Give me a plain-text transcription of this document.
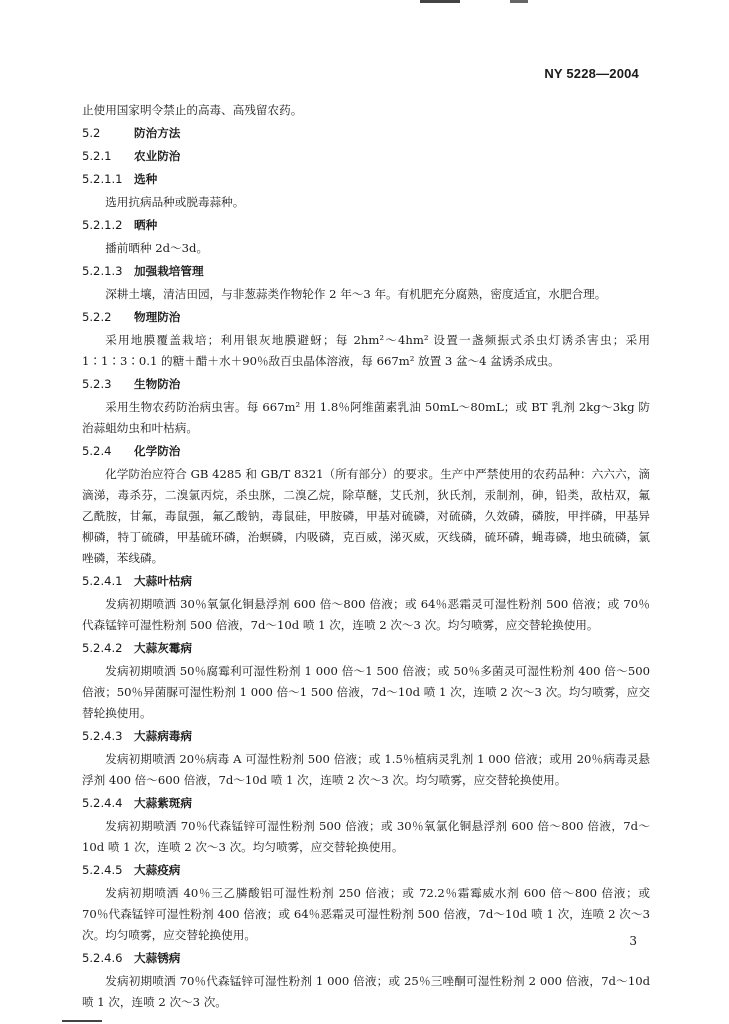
NY 5228—2004
止使用国家明令禁止的高毒、高残留农药。
5.2	防治方法
5.2.1 农业防治
5.2.1.1 选种
选用抗病品种或脱毒蒜种。
5.2.1.2 晒种
播前晒种 2d～3d。
5.2.1.3 加强栽培管理
深耕土壤，清洁田园，与非葱蒜类作物轮作 2 年～3 年。有机肥充分腐熟，密度适宜，水肥合理。
5.2.2 物理防治
采用地膜覆盖栽培；利用银灰地膜避蚜；每 2hm²～4hm² 设置一盏频振式杀虫灯诱杀害虫；采用 1∶1∶3∶0.1 的糖＋醋＋水＋90％敌百虫晶体溶液，每 667m² 放置 3 盆～4 盆诱杀成虫。
5.2.3 生物防治
采用生物农药防治病虫害。每 667m² 用 1.8％阿维菌素乳油 50mL～80mL；或 BT 乳剂 2kg～3kg 防治蒜蛆幼虫和叶枯病。
5.2.4 化学防治
化学防治应符合 GB 4285 和 GB/T 8321（所有部分）的要求。生产中严禁使用的农药品种：六六六，滴滴涕，毒杀芬，二溴氯丙烷，杀虫脒，二溴乙烷，除草醚，艾氏剂，狄氏剂，汞制剂，砷，铅类，敌枯双，氟乙酰胺，甘氟，毒鼠强，氟乙酸钠，毒鼠硅，甲胺磷，甲基对硫磷，对硫磷，久效磷，磷胺，甲拌磷，甲基异柳磷，特丁硫磷，甲基硫环磷，治螟磷，内吸磷，克百威，涕灭威，灭线磷，硫环磷，蝇毒磷，地虫硫磷，氯唑磷，苯线磷。
5.2.4.1 大蒜叶枯病
发病初期喷洒 30％氧氯化铜悬浮剂 600 倍～800 倍液；或 64％恶霜灵可湿性粉剂 500 倍液；或 70％代森锰锌可湿性粉剂 500 倍液，7d～10d 喷 1 次，连喷 2 次～3 次。均匀喷雾，应交替轮换使用。
5.2.4.2 大蒜灰霉病
发病初期喷洒 50％腐霉利可湿性粉剂 1 000 倍～1 500 倍液；或 50％多菌灵可湿性粉剂 400 倍～500 倍液；50％异菌脲可湿性粉剂 1 000 倍～1 500 倍液，7d～10d 喷 1 次，连喷 2 次～3 次。均匀喷雾，应交替轮换使用。
5.2.4.3 大蒜病毒病
发病初期喷洒 20％病毒 A 可湿性粉剂 500 倍液；或 1.5％植病灵乳剂 1 000 倍液；或用 20％病毒灵悬浮剂 400 倍～600 倍液，7d～10d 喷 1 次，连喷 2 次～3 次。均匀喷雾，应交替轮换使用。
5.2.4.4 大蒜紫斑病
发病初期喷洒 70％代森锰锌可湿性粉剂 500 倍液；或 30％氧氯化铜悬浮剂 600 倍～800 倍液，7d～10d 喷 1 次，连喷 2 次～3 次。均匀喷雾，应交替轮换使用。
5.2.4.5 大蒜疫病
发病初期喷洒 40％三乙膦酸铝可湿性粉剂 250 倍液；或 72.2％霜霉威水剂 600 倍～800 倍液；或 70％代森锰锌可湿性粉剂 400 倍液；或 64％恶霜灵可湿性粉剂 500 倍液，7d～10d 喷 1 次，连喷 2 次～3 次。均匀喷雾，应交替轮换使用。
5.2.4.6 大蒜锈病
发病初期喷洒 70％代森锰锌可湿性粉剂 1 000 倍液；或 25％三唑酮可湿性粉剂 2 000 倍液，7d～10d 喷 1 次，连喷 2 次～3 次。
3
